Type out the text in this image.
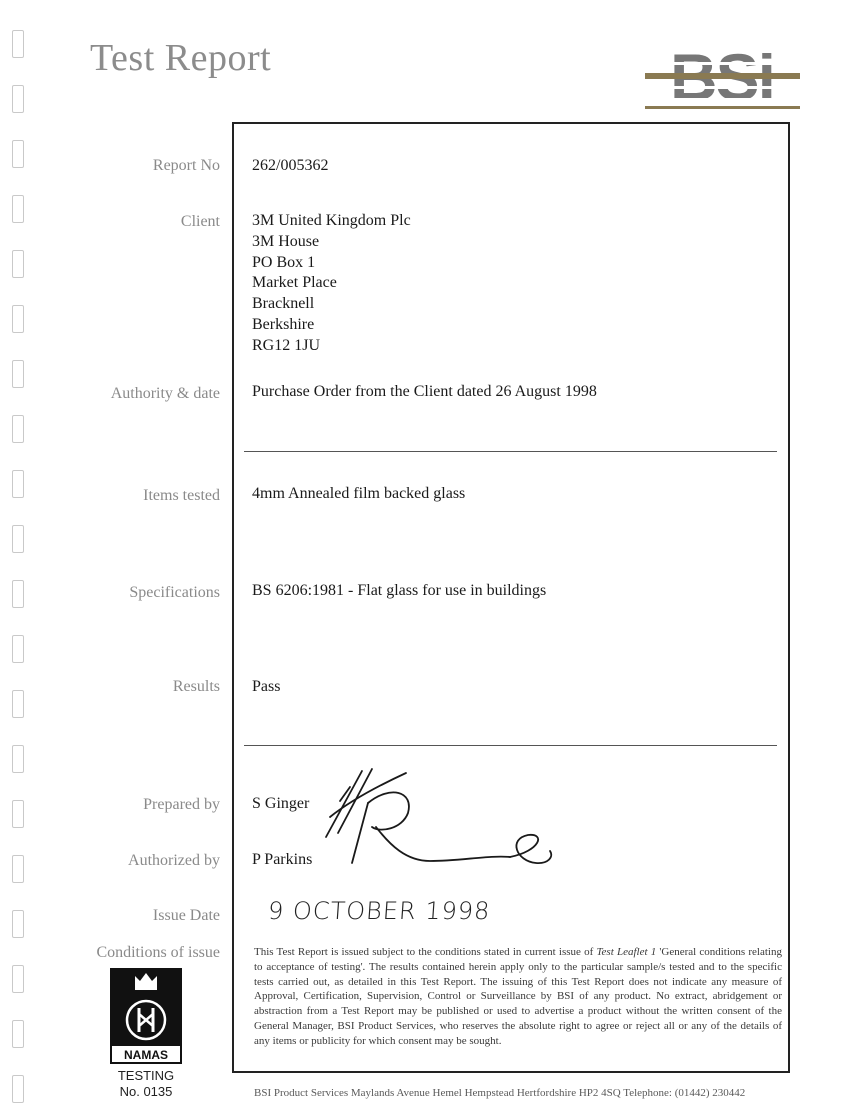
Test Report
Report No 262/005362
Client 3M United Kingdom Plc
3M House
PO Box 1
Market Place
Bracknell
Berkshire
RG12 1JU
Authority & date Purchase Order from the Client dated 26 August 1998
Items tested 4mm Annealed film backed glass
Specifications BS 6206:1981 - Flat glass for use in buildings
Results Pass
Prepared by S Ginger
Authorized by P Parkins
Issue Date 9 OCTOBER 1998
Conditions of issue	This Test Report is issued subject to the conditions stated in current issue of Test Leaflet 1 'General conditions relating to acceptance of testing'. The results contained herein apply only to the particular sample/s tested and to the specific tests carried out, as detailed in this Test Report. The issuing of this Test Report does not indicate any measure of Approval, Certification, Supervision, Control or Surveillance by BSI of any product. No extract, abridgement or abstraction from a Test Report may be published or used to advertise a product without the written consent of the General Manager, BSI Product Services, who reserves the absolute right to agree or reject all or any of the details of any items or publicity for which consent may be sought.
NAMAS
TESTING
No. 0135	BSI Product Services Maylands Avenue Hemel Hempstead Hertfordshire HP2 4SQ Telephone: (01442) 230442
